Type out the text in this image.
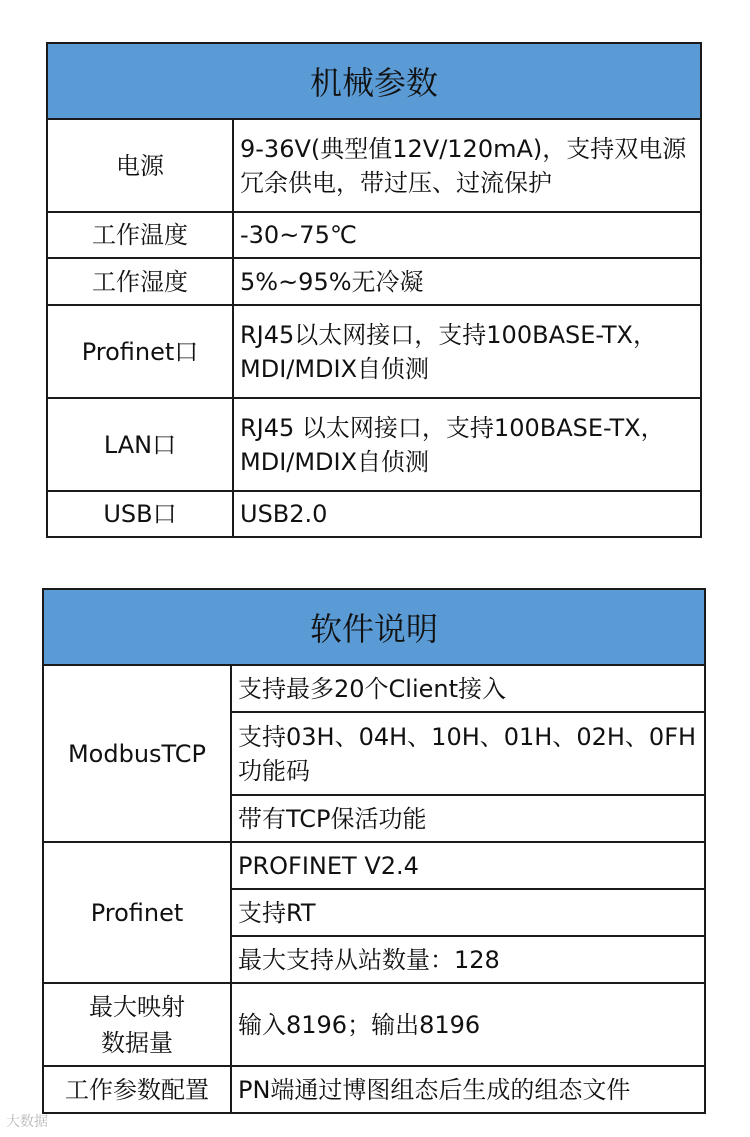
机械参数	
电源	9-36V(典型值12V/120mA)，支持双电源冗余供电，带过压、过流保护
工作温度	-30~75℃
工作湿度	5%~95%无冷凝
Profinet口	RJ45以太网接口，支持100BASE-TX，MDI/MDIX自侦测
LAN口	RJ45 以太网接口，支持100BASE-TX，MDI/MDIX自侦测
USB口	USB2.0
软件说明	
ModbusTCP	支持最多20个Client接入
	支持03H、04H、10H、01H、02H、0FH功能码
	带有TCP保活功能
Profinet	PROFINET V2.4
	支持RT
	最大支持从站数量：128
最大映射数据量	输入8196；输出8196
工作参数配置	PN端通过博图组态后生成的组态文件
大数据
